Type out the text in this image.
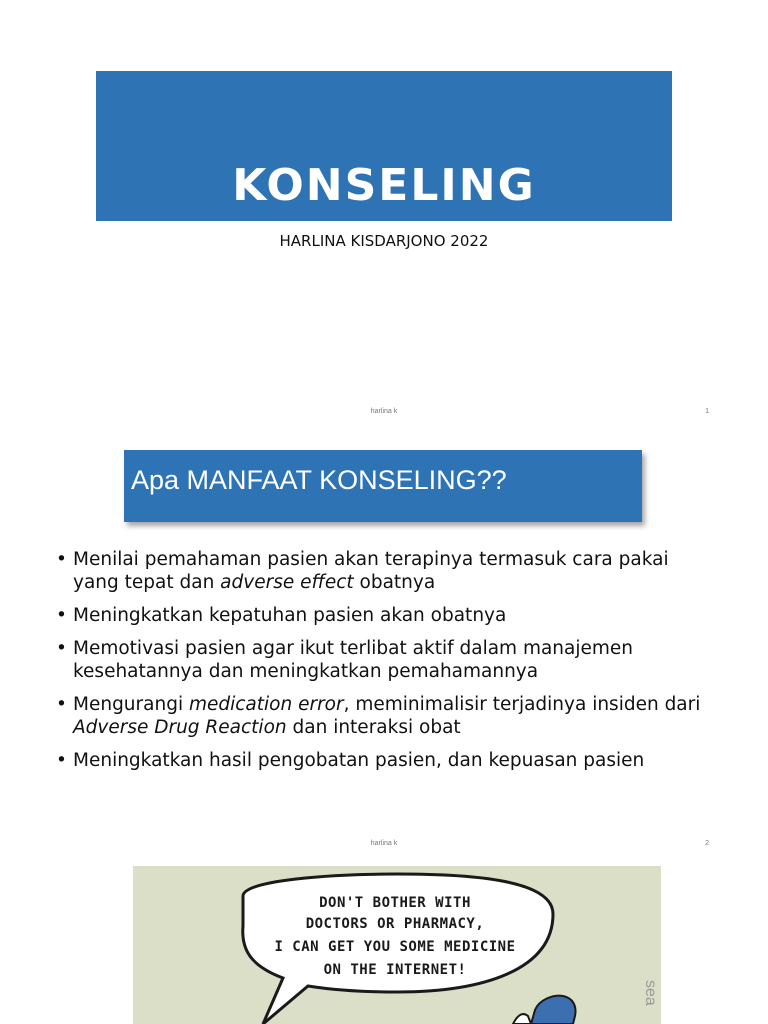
KONSELING
HARLINA KISDARJONO 2022
harlina k	1
Apa MANFAAT KONSELING??
• Menilai pemahaman pasien akan terapinya termasuk cara pakai yang tepat dan adverse effect obatnya
• Meningkatkan kepatuhan pasien akan obatnya
• Memotivasi pasien agar ikut terlibat aktif dalam manajemen kesehatannya dan meningkatkan pemahamannya
• Mengurangi medication error, meminimalisir terjadinya insiden dari Adverse Drug Reaction dan interaksi obat
• Meningkatkan hasil pengobatan pasien, dan kepuasan pasien
harlina k	2
DON'T BOTHER WITH
DOCTORS OR PHARMACY,
I CAN GET YOU SOME MEDICINE
ON THE INTERNET!
sea
